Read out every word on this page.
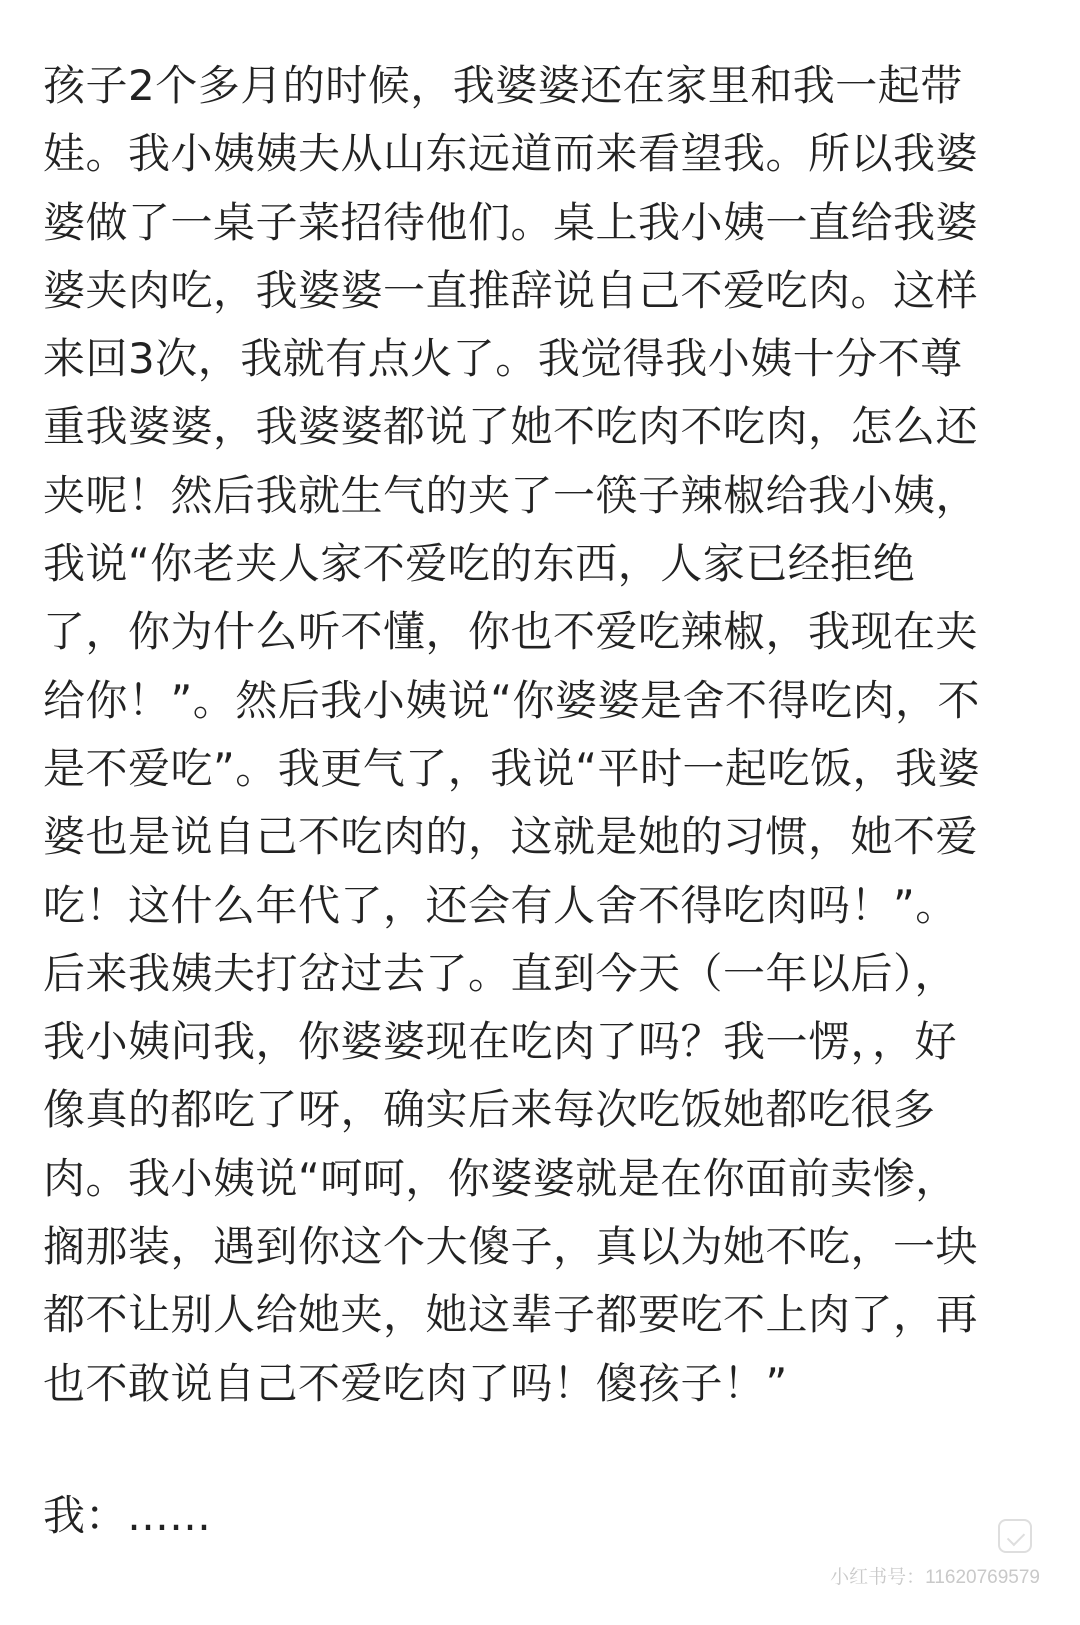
孩子2个多月的时候，我婆婆还在家里和我一起带
娃。我小姨姨夫从山东远道而来看望我。所以我婆
婆做了一桌子菜招待他们。桌上我小姨一直给我婆
婆夹肉吃，我婆婆一直推辞说自己不爱吃肉。这样
来回3次，我就有点火了。我觉得我小姨十分不尊
重我婆婆，我婆婆都说了她不吃肉不吃肉，怎么还
夹呢！然后我就生气的夹了一筷子辣椒给我小姨，
我说“你老夹人家不爱吃的东西，人家已经拒绝
了，你为什么听不懂，你也不爱吃辣椒，我现在夹
给你！”。然后我小姨说“你婆婆是舍不得吃肉，不
是不爱吃”。我更气了，我说“平时一起吃饭，我婆
婆也是说自己不吃肉的，这就是她的习惯，她不爱
吃！这什么年代了，还会有人舍不得吃肉吗！”。
后来我姨夫打岔过去了。直到今天（一年以后），
我小姨问我，你婆婆现在吃肉了吗？我一愣，，好
像真的都吃了呀，确实后来每次吃饭她都吃很多
肉。我小姨说“呵呵，你婆婆就是在你面前卖惨，
搁那装，遇到你这个大傻子，真以为她不吃，一块
都不让别人给她夹，她这辈子都要吃不上肉了，再
也不敢说自己不爱吃肉了吗！傻孩子！”
我：……
小红书号：1162076​9579
